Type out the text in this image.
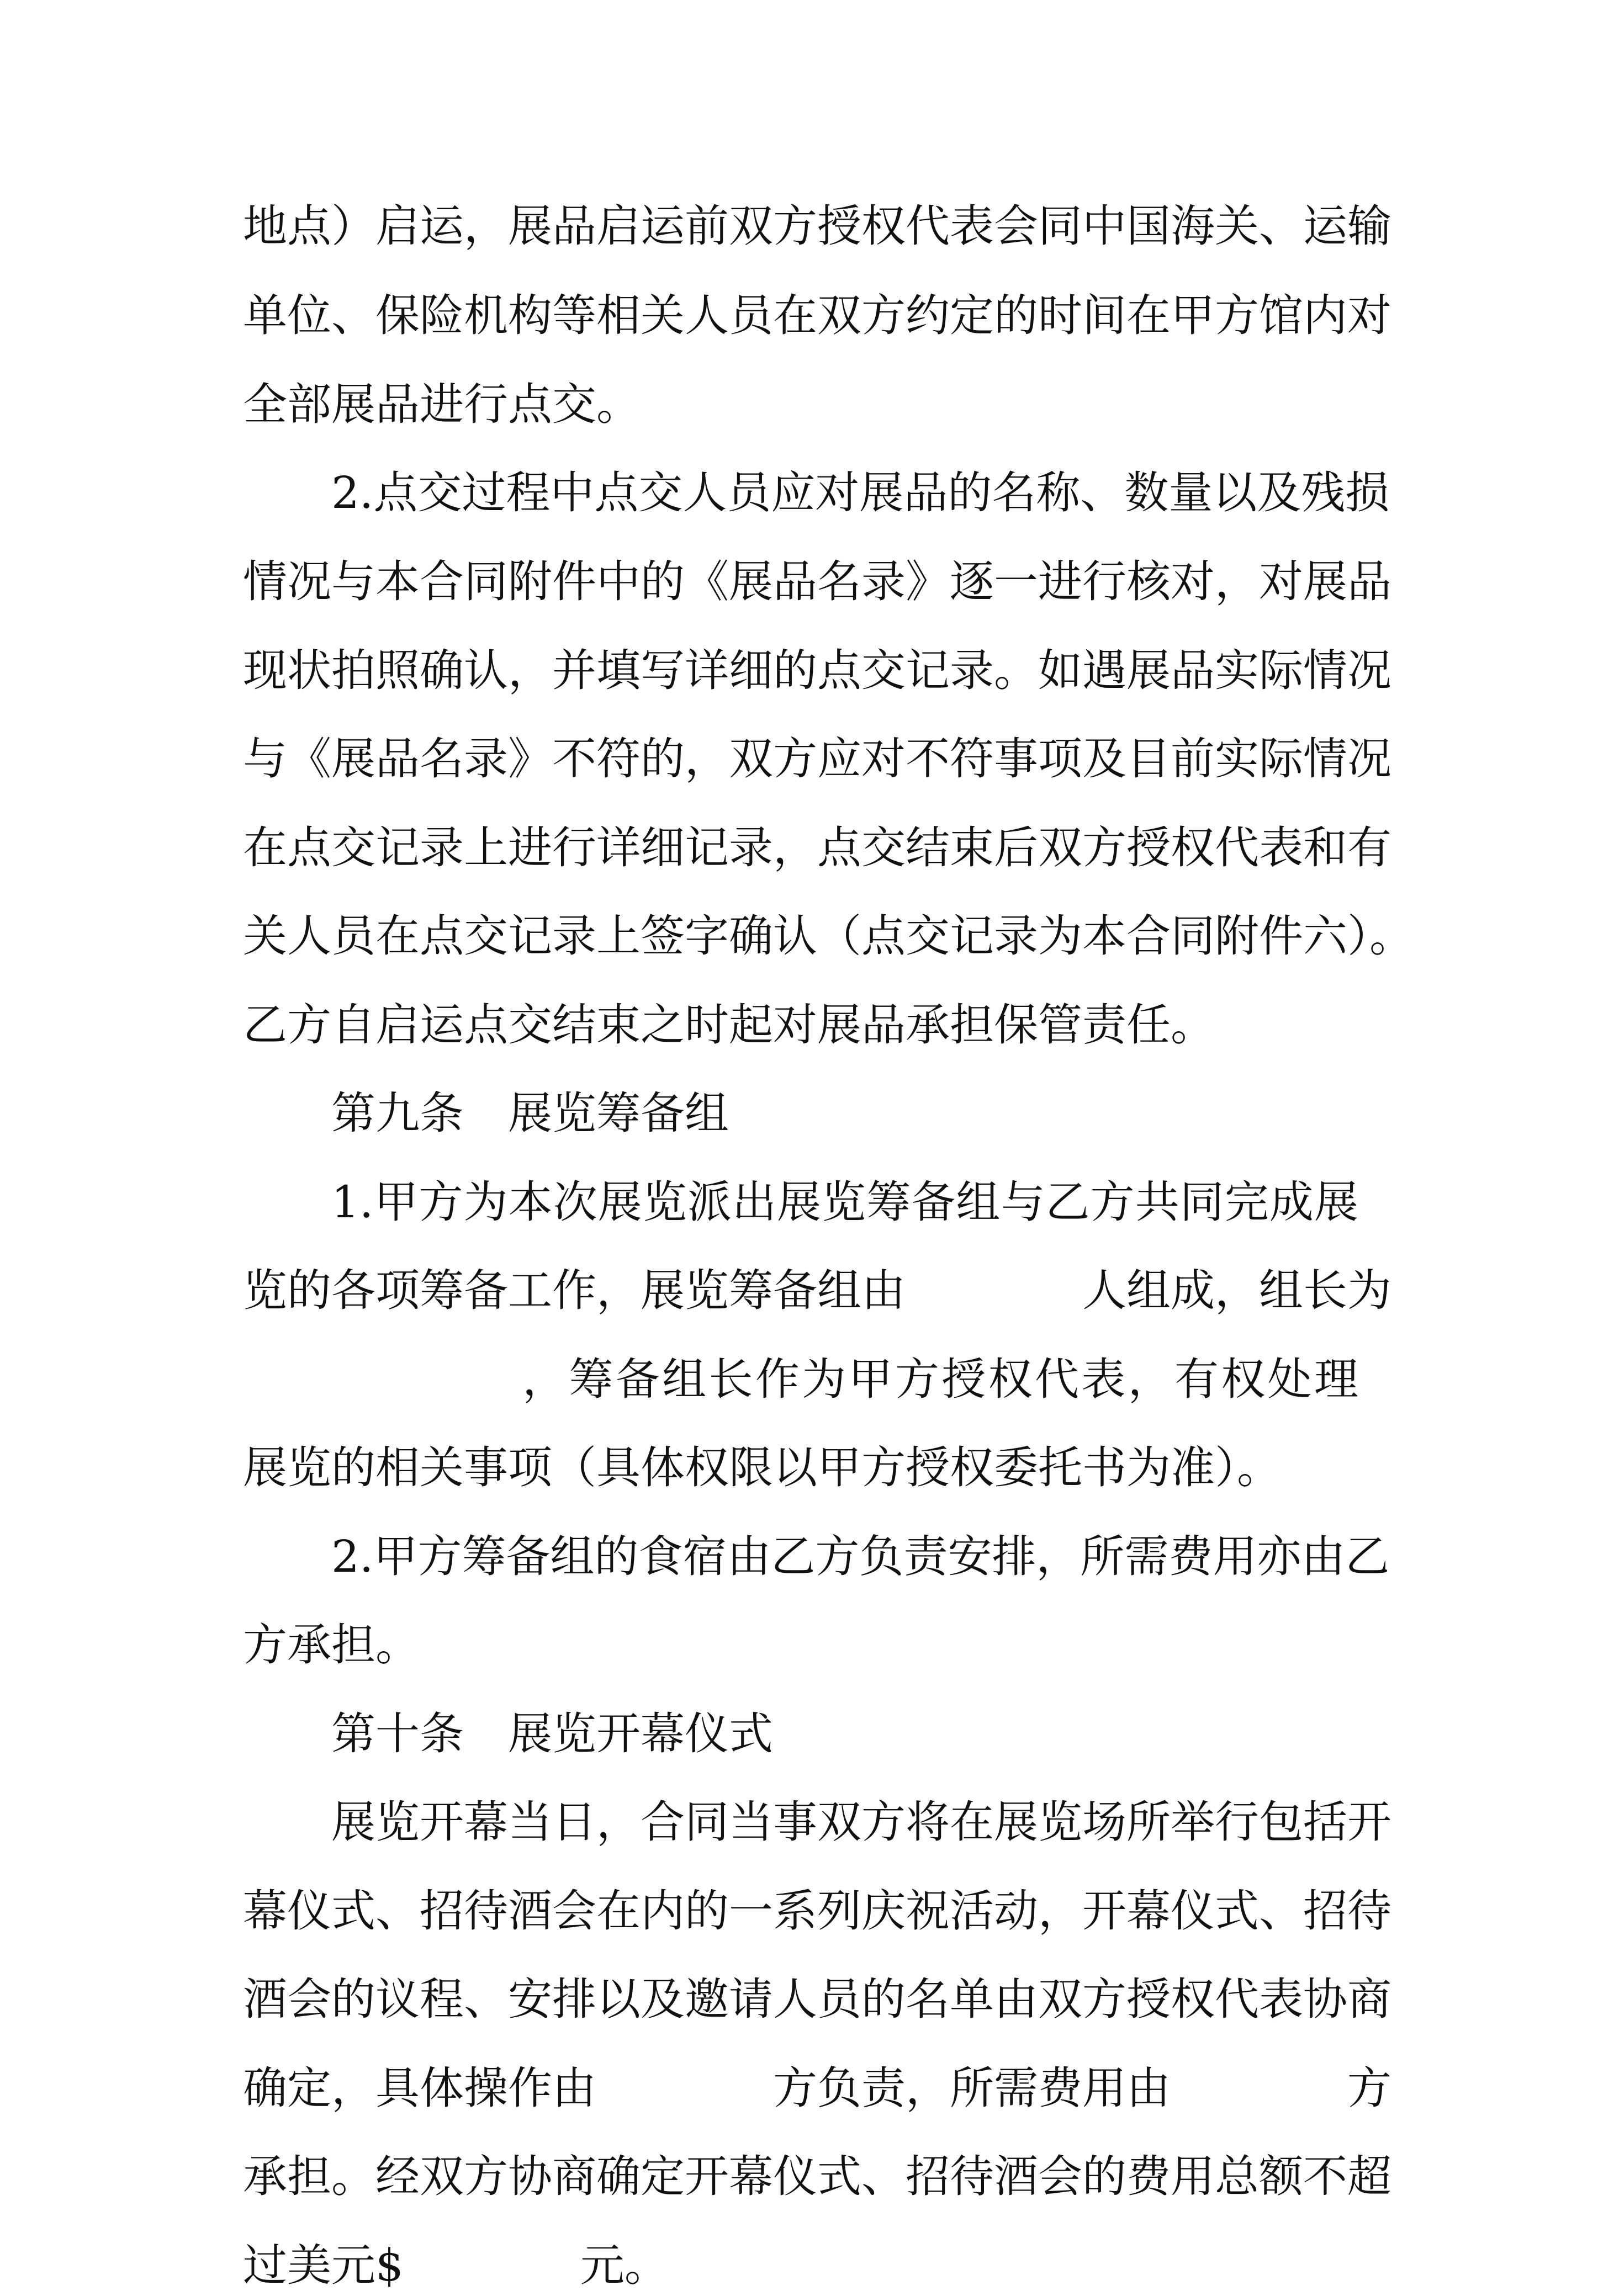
地点）启运，展品启运前双方授权代表会同中国海关、运输
单位、保险机构等相关人员在双方约定的时间在甲方馆内对
全部展品进行点交。
2.点交过程中点交人员应对展品的名称、数量以及残损
情况与本合同附件中的《展品名录》逐一进行核对，对展品
现状拍照确认，并填写详细的点交记录。如遇展品实际情况
与《展品名录》不符的，双方应对不符事项及目前实际情况
在点交记录上进行详细记录，点交结束后双方授权代表和有
关人员在点交记录上签字确认（点交记录为本合同附件六）。
乙方自启运点交结束之时起对展品承担保管责任。
第九条　展览筹备组
1.甲方为本次展览派出展览筹备组与乙方共同完成展
览的各项筹备工作，展览筹备组由　　　　人组成，组长为
　　　　　　，筹备组长作为甲方授权代表，有权处理
展览的相关事项（具体权限以甲方授权委托书为准）。
2.甲方筹备组的食宿由乙方负责安排，所需费用亦由乙
方承担。
第十条　展览开幕仪式
展览开幕当日，合同当事双方将在展览场所举行包括开
幕仪式、招待酒会在内的一系列庆祝活动，开幕仪式、招待
酒会的议程、安排以及邀请人员的名单由双方授权代表协商
确定，具体操作由　　　　方负责，所需费用由　　　　方
承担。经双方协商确定开幕仪式、招待酒会的费用总额不超
过美元$　　　　元。
